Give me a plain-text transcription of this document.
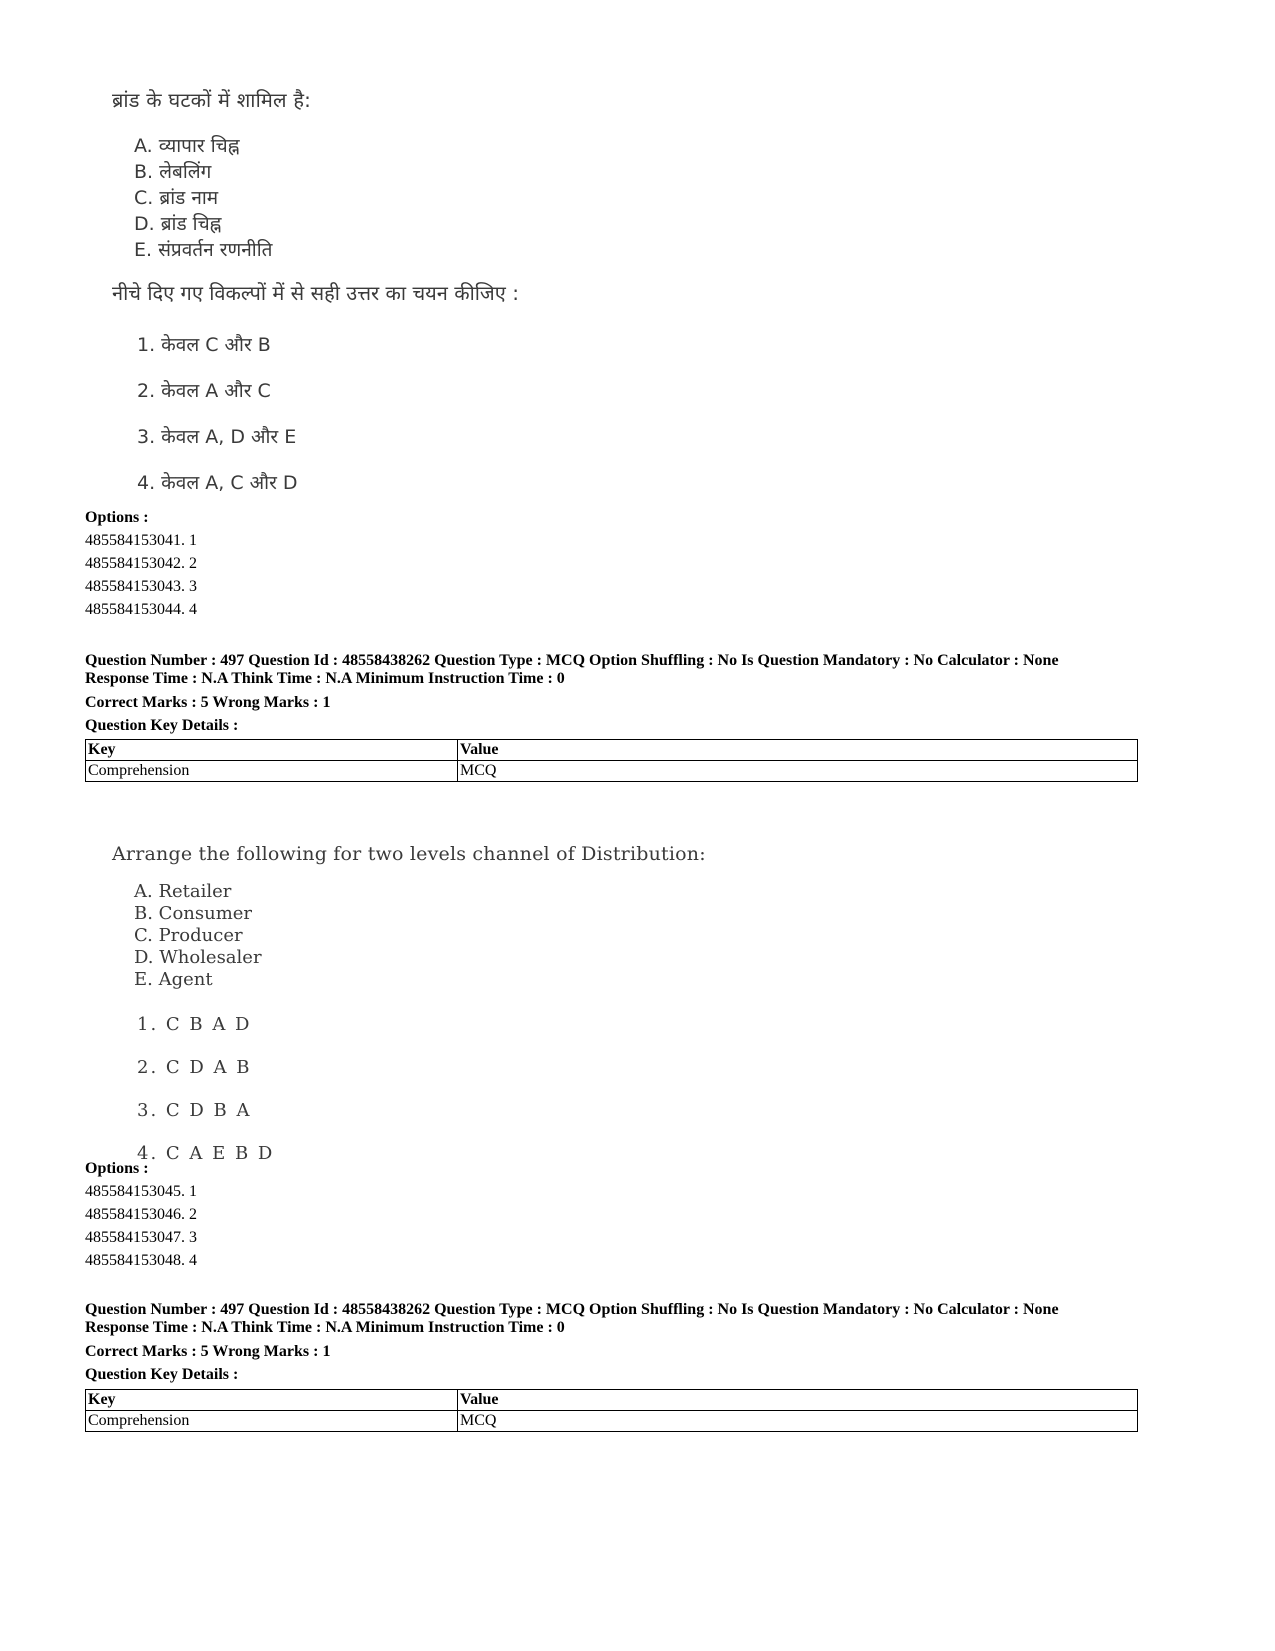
ब्रांड के घटकों में शामिल है:
A. व्यापार चिह्न
B. लेबलिंग
C. ब्रांड नाम
D. ब्रांड चिह्न
E. संप्रवर्तन रणनीति
नीचे दिए गए विकल्पों में से सही उत्तर का चयन कीजिए :
1. केवल C और B
2. केवल A और C
3. केवल A, D और E
4. केवल A, C और D
Options :
485584153041. 1
485584153042. 2
485584153043. 3
485584153044. 4
Question Number : 497 Question Id : 48558438262 Question Type : MCQ Option Shuffling : No Is Question Mandatory : No Calculator : None
Response Time : N.A Think Time : N.A Minimum Instruction Time : 0
Correct Marks : 5 Wrong Marks : 1
Question Key Details :
Key	Value
Comprehension	MCQ
Arrange the following for two levels channel of Distribution:
A. Retailer
B. Consumer
C. Producer
D. Wholesaler
E. Agent
1. C B A D
2. C D A B
3. C D B A
4. C A E B D
Options :
485584153045. 1
485584153046. 2
485584153047. 3
485584153048. 4
Question Number : 497 Question Id : 48558438262 Question Type : MCQ Option Shuffling : No Is Question Mandatory : No Calculator : None
Response Time : N.A Think Time : N.A Minimum Instruction Time : 0
Correct Marks : 5 Wrong Marks : 1
Question Key Details :
Key	Value
Comprehension	MCQ
